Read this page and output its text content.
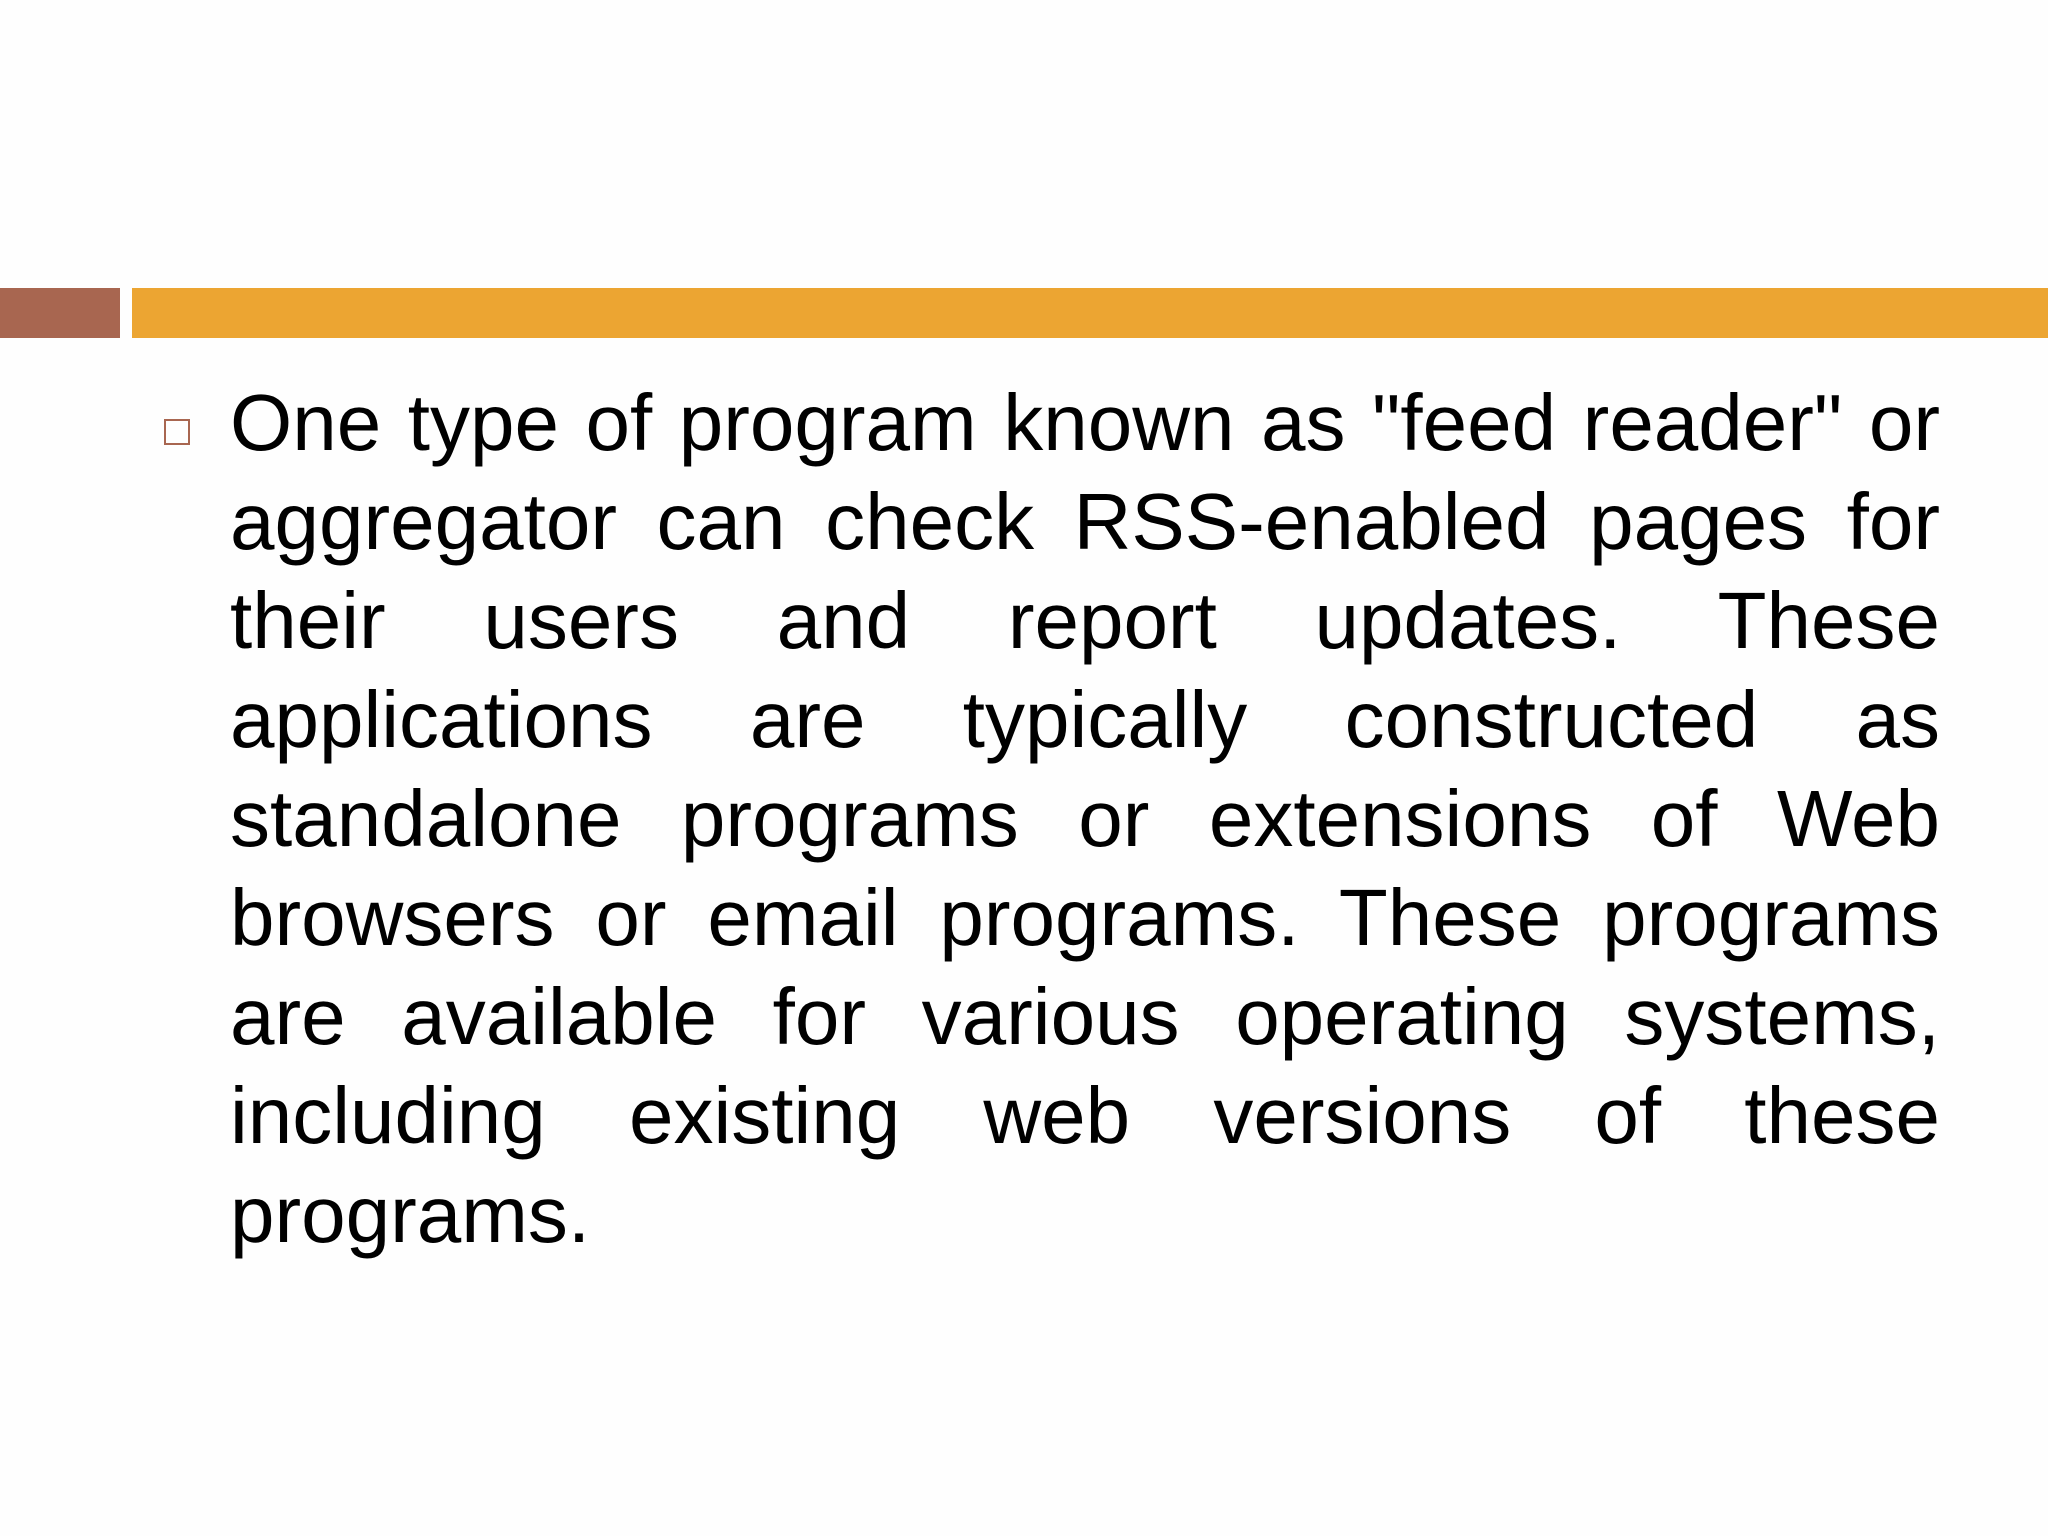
One type of program known as "feed reader" or aggregator can check RSS-enabled pages for their users and report updates. These applications are typically constructed as standalone programs or extensions of Web browsers or email programs. These programs are available for various operating systems, including existing web versions of these programs.
